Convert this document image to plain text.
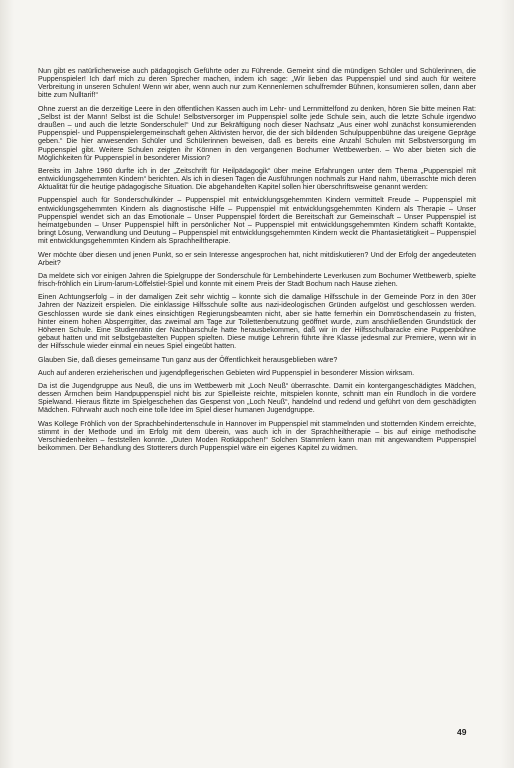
Nun gibt es natürlicherweise auch pädagogisch Geführte oder zu Führende. Gemeint sind die mündigen Schüler und Schülerinnen, die Puppenspieler! Ich darf mich zu deren Sprecher machen, indem ich sage: „Wir lieben das Puppenspiel und sind auch für weitere Verbreitung in unseren Schulen! Wenn wir aber, wenn auch nur zum Kennenlernen schulfremder Bühnen, konsumieren sollen, dann aber bitte zum Nulltarif!“

Ohne zuerst an die derzeitige Leere in den öffentlichen Kassen auch im Lehr- und Lernmittelfond zu denken, hören Sie bitte meinen Rat: „Selbst ist der Mann! Selbst ist die Schule! Selbstversorger im Puppenspiel sollte jede Schule sein, auch die letzte Schule irgendwo draußen – und auch die letzte Sonderschule!“ Und zur Bekräftigung noch dieser Nachsatz „Aus einer wohl zunächst konsumierenden Puppenspiel- und Puppenspielergemeinschaft gehen Aktivisten hervor, die der sich bildenden Schulpuppenbühne das ureigene Gepräge geben.“ Die hier anwesenden Schüler und Schülerinnen beweisen, daß es bereits eine Anzahl Schulen mit Selbstversorgung im Puppenspiel gibt. Weitere Schulen zeigten ihr Können in den vergangenen Bochumer Wettbewerben. – Wo aber bieten sich die Möglichkeiten für Puppenspiel in besonderer Mission?

Bereits im Jahre 1960 durfte ich in der „Zeitschrift für Heilpädagogik“ über meine Erfahrungen unter dem Thema „Puppenspiel mit entwicklungsgehemmten Kindern“ berichten. Als ich in diesen Tagen die Ausführungen nochmals zur Hand nahm, überraschte mich deren Aktualität für die heutige pädagogische Situation. Die abgehandelten Kapitel sollen hier überschriftsweise genannt werden:

Puppenspiel auch für Sonderschulkinder – Puppenspiel mit entwicklungsgehemmten Kindern vermittelt Freude – Puppenspiel mit entwicklungsgehemmten Kindern als diagnostische Hilfe – Puppenspiel mit entwicklungsgehemmten Kindern als Therapie – Unser Puppenspiel wendet sich an das Emotionale – Unser Puppenspiel fördert die Bereitschaft zur Gemeinschaft – Unser Puppenspiel ist heimatgebunden – Unser Puppenspiel hilft in persönlicher Not – Puppenspiel mit entwicklungsgehemmten Kindern schafft Kontakte, bringt Lösung, Verwandlung und Deutung – Puppenspiel mit entwicklungsgehemmten Kindern weckt die Phantasietätigkeit – Puppenspiel mit entwicklungsgehemmten Kindern als Sprachheiltherapie.

Wer möchte über diesen und jenen Punkt, so er sein Interesse angesprochen hat, nicht mitdiskutieren? Und der Erfolg der angedeuteten Arbeit?

Da meldete sich vor einigen Jahren die Spielgruppe der Sonderschule für Lernbehinderte Leverkusen zum Bochumer Wettbewerb, spielte frisch-fröhlich ein Lirum-larum-Löffelstiel-Spiel und konnte mit einem Preis der Stadt Bochum nach Hause ziehen.

Einen Achtungserfolg – in der damaligen Zeit sehr wichtig – konnte sich die damalige Hilfsschule in der Gemeinde Porz in den 30er Jahren der Nazizeit erspielen. Die einklassige Hilfsschule sollte aus nazi-ideologischen Gründen aufgelöst und geschlossen werden. Geschlossen wurde sie dank eines einsichtigen Regierungsbeamten nicht, aber sie hatte fernerhin ein Dornröschendasein zu fristen, hinter einem hohen Absperrgitter, das zweimal am Tage zur Toilettenbenutzung geöffnet wurde, zum anschließenden Grundstück der Höheren Schule. Eine Studienrätin der Nachbarschule hatte herausbekommen, daß wir in der Hilfsschulbaracke eine Puppenbühne gebaut hatten und mit selbstgebastelten Puppen spielten. Diese mutige Lehrerin führte ihre Klasse jedesmal zur Premiere, wenn wir in der Hilfsschule wieder einmal ein neues Spiel eingeübt hatten.

Glauben Sie, daß dieses gemeinsame Tun ganz aus der Öffentlichkeit herausgeblieben wäre?

Auch auf anderen erzieherischen und jugendpflegerischen Gebieten wird Puppenspiel in besonderer Mission wirksam.

Da ist die Jugendgruppe aus Neuß, die uns im Wettbewerb mit „Loch Neuß“ überraschte. Damit ein kontergangeschädigtes Mädchen, dessen Ärmchen beim Handpuppenspiel nicht bis zur Spielleiste reichte, mitspielen konnte, schnitt man ein Rundloch in die vordere Spielwand. Hieraus flitzte im Spielgeschehen das Gespenst von „Loch Neuß“, handelnd und redend und geführt von dem geschädigten Mädchen. Führwahr auch noch eine tolle Idee im Spiel dieser humanen Jugendgruppe.

Was Kollege Fröhlich von der Sprachbehindertenschule in Hannover im Puppenspiel mit stammelnden und stotternden Kindern erreichte, stimmt in der Methode und im Erfolg mit dem überein, was auch ich in der Sprachheiltherapie – bis auf einige methodische Verschiedenheiten – feststellen konnte. „Duten Moden Rotkäppchen!“ Solchen Stammlern kann man mit angewandtem Puppenspiel beikommen. Der Behandlung des Stotterers durch Puppenspiel wäre ein eigenes Kapitel zu widmen.

49
